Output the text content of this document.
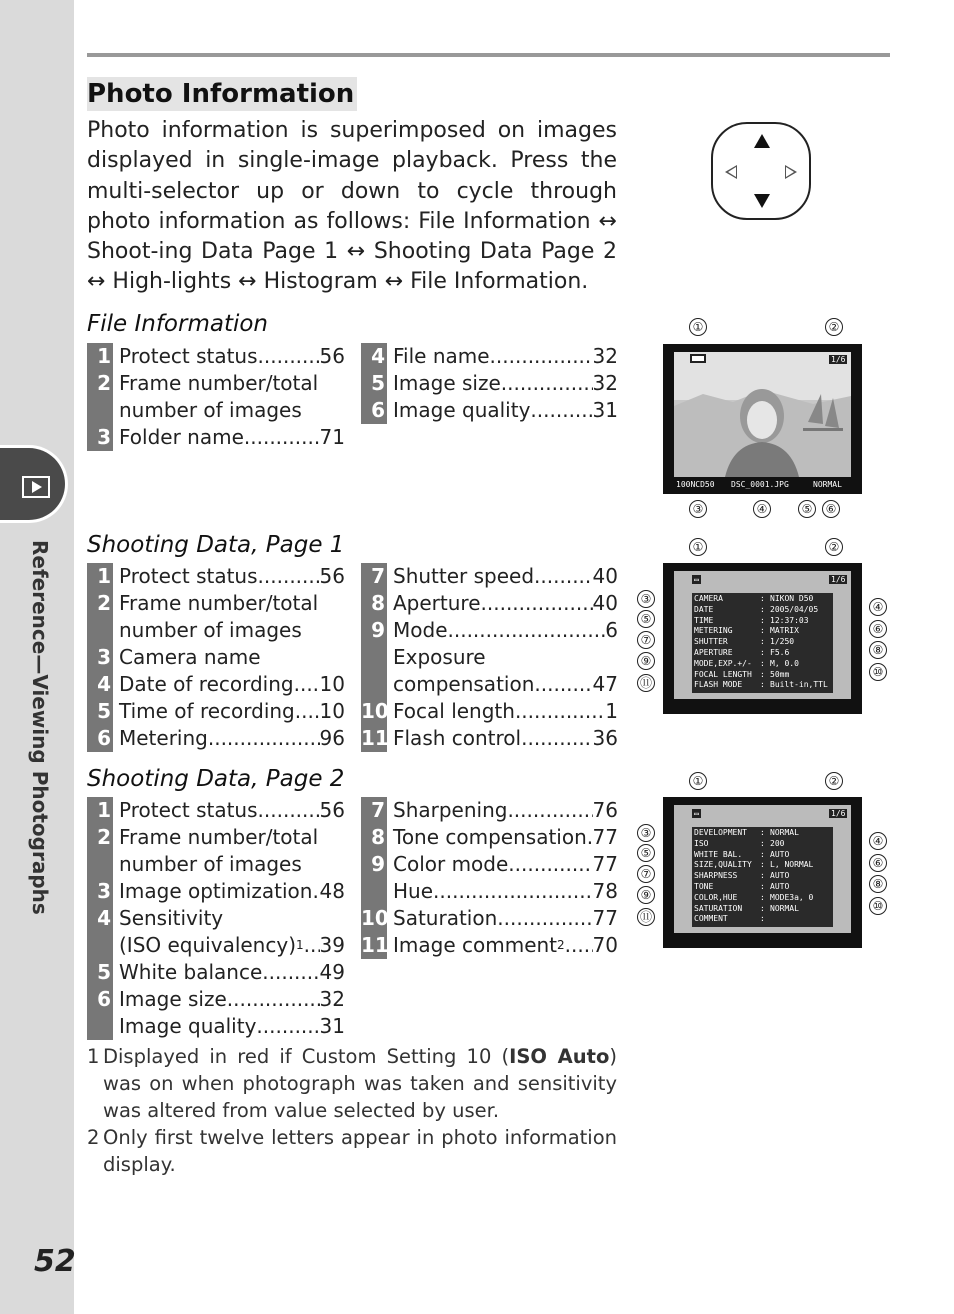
Reference—Viewing Photographs
52
Photo Information
Photo information is superimposed on images displayed in single-image playback. Press the multi-selector up or down to cycle through photo information as follows: File Information ↔ Shoot-ing Data Page 1 ↔ Shooting Data Page 2 ↔ High-lights ↔ Histogram ↔ File Information.
File Information
1 Protect status .....	56
2 Frame number/total
number of images
3 Folder name .....	71
4 File name .....	32
5 Image size .....	32
6 Image quality .....	31
Shooting Data, Page 1
1 Protect status .....	56
2 Frame number/total
number of images
3 Camera name
4 Date of recording ..... 10
5 Time of recording ..... 10
6 Metering .....	96
7 Shutter speed .....	40
8 Aperture .....	40
9 Mode .....	6
Exposure
compensation .....	47
10 Focal length .....	1
11 Flash control .....	36
Shooting Data, Page 2
1 Protect status .....	56
2 Frame number/total
number of images
3 Image optimization ..... 48
4 Sensitivity
(ISO equivalency) 1 ..... 39
5 White balance .....	49
6 Image size .....	32
Image quality .....	31
7 Sharpening .....	76
8 Tone compensation ..... 77
9 Color mode .....	77
Hue .....	78
10 Saturation .....	77
11 Image comment 2 ..... 70
1 Displayed in red if Custom Setting 10 (ISO Auto) was on when photograph was taken and sensitivity was altered from value selected by user.
2 Only first twelve letters appear in photo information display.
①	②
1/6
100NCD50 DSC_0001.JPG	NORMAL
③	④	⑤	⑥
①	②
▭	1/6
CAMERA	: NIKON D50
DATE	: 2005/04/05
TIME	: 12:37:03
METERING	: MATRIX
SHUTTER	: 1/250
APERTURE	: F5.6
MODE,EXP.+/-	: M, 0.0
FOCAL LENGTH	: 50mm
FLASH MODE	: Built-in,TTL
③
⑤
⑦
⑨
⑪
④
⑥
⑧
⑩
①	②
▭	1/6
DEVELOPMENT	: NORMAL
ISO	: 200
WHITE BAL.	: AUTO
SIZE,QUALITY	: L, NORMAL
SHARPNESS	: AUTO
TONE	: AUTO
COLOR,HUE	: MODE3a, 0
SATURATION	: NORMAL
COMMENT	:
③
⑤
⑦
⑨
⑪
④
⑥
⑧
⑩
